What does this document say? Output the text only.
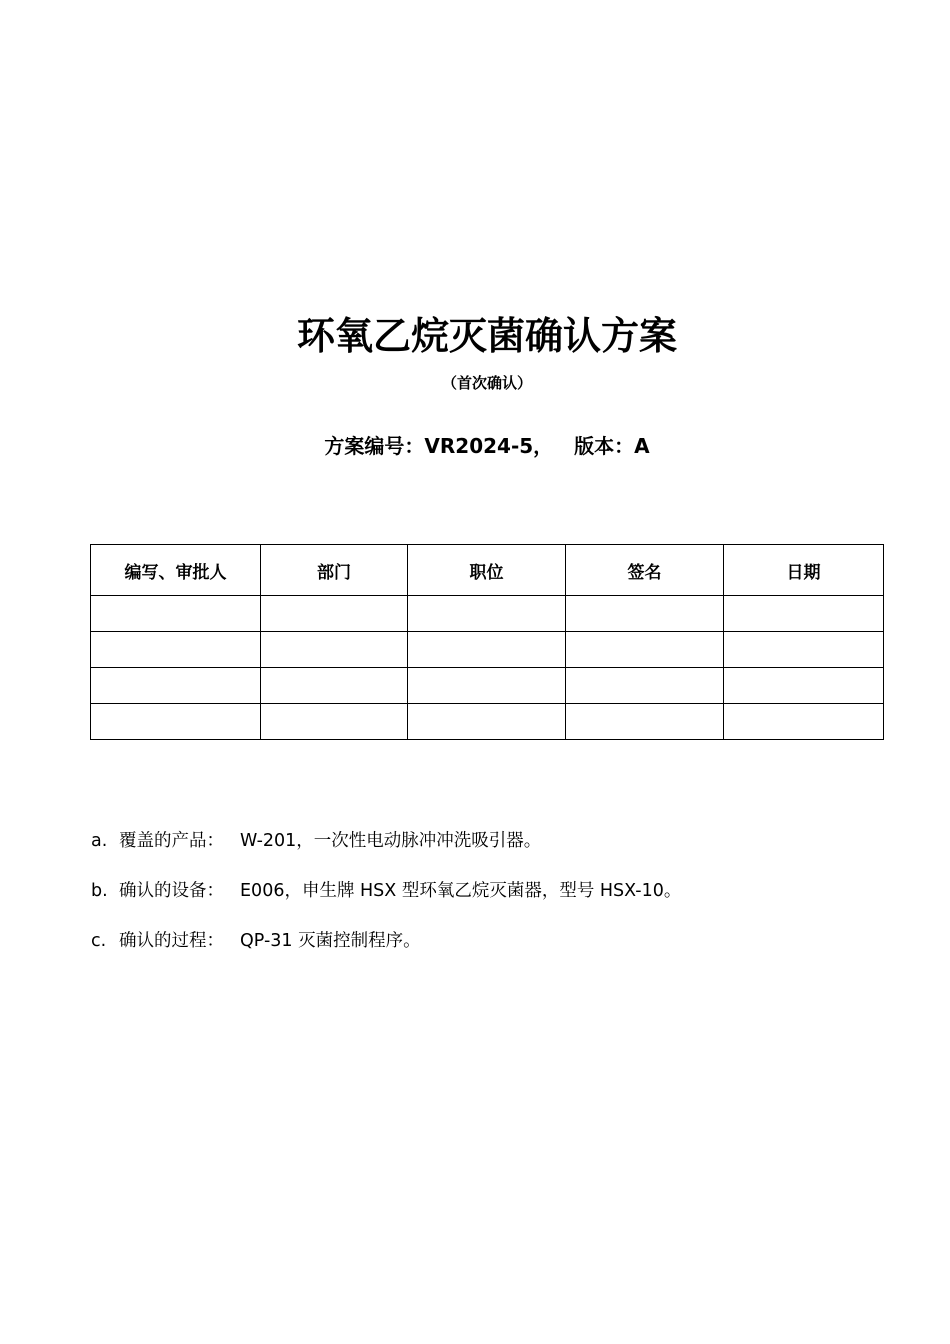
环氧乙烷灭菌确认方案
（首次确认）
方案编号：VR2024-5，   版本：A
编写、审批人	部门	职位	签名	日期

a. 覆盖的产品： W-201，一次性电动脉冲冲洗吸引器。
b. 确认的设备： E006，申生牌 HSX 型环氧乙烷灭菌器，型号 HSX-10。
c. 确认的过程： QP-31 灭菌控制程序。
